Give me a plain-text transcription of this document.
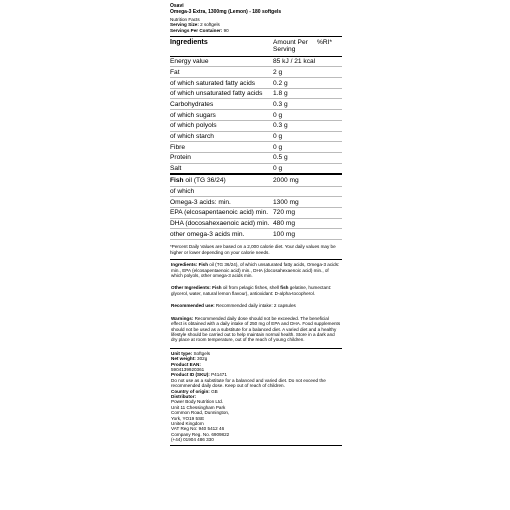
Osavi
Omega-3 Extra, 1300mg (Lemon) - 180 softgels
Nutrition Facts
Serving Size: 2 softgels
Servings Per Container: 90
Ingredients	Amount Per Serving	%RI*
Energy value	85 kJ / 21 kcal	
Fat	2 g	
of which saturated fatty acids	0.2 g	
of which unsaturated fatty acids	1.8 g	
Carbohydrates	0.3 g	
of which sugars	0 g	
of which polyols	0.3 g	
of which starch	0 g	
Fibre	0 g	
Protein	0.5 g	
Salt	0 g	
Fish oil (TG 36/24)	2000 mg	
of which		
Omega-3 acids: min.	1300 mg	
EPA (elcosapentaenoic acid) min.	720 mg	
DHA (docosahexaenoic acid) min.	480 mg	
other omega-3 acids min.	100 mg	
*Percent Daily Values are based on a 2,000 calorie diet. Your daily values may be higher or lower depending on your calorie needs.

Ingredients: Fish oil (TG 36/24), of which unsaturated fatty acids, Omega-3 acids: min., EPA (elcosapentaenoic acid) min., DHA (docosahexaenoic acid) min., of which polyols, other omega-3 acids min.

Other Ingredients: Fish oil from pelagic fishes, shell fish gelatine, humectant: glycerol, water, natural lemon flavour), antioxidant: D-alpha-tocopherol.

Recommended use: Recommended daily intake: 2 capsules

Warnings: Recommended daily dose should not be exceeded. The beneficial effect is obtained with a daily intake of 250 mg of EPA and DHA. Food supplements should not be used as a substitute for a balanced diet. A varied diet and a healthy lifestyle should be carried out to help maintain normal health. Store in a dark and dry place at room temperature, out of the reach of young children.

Unit type: Softgels
Net weight: 302g
Product EAN:
5904139920361
Product ID (SKU): P41471
Do not use as a substitute for a balanced and varied diet. Do not exceed the recommended daily dose. Keep out of reach of children.
Country of origin: GB
Distributor:
Power Body Nutrition Ltd.
Unit 11 Chessingham Park
Common Road, Dunnington,
York, YO19 5SE
United Kingdom
VAT Reg No: 940 5412 46
Company Reg. No. 6909822
(+44) 01904 486 330
